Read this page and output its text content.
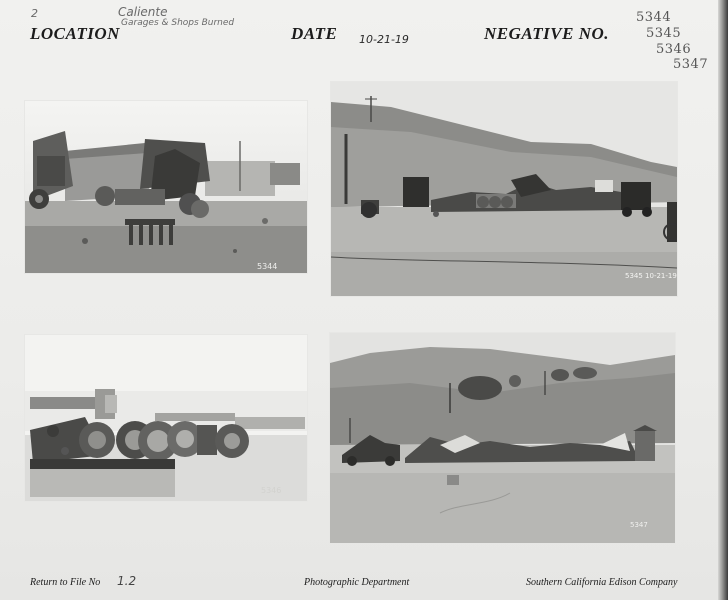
2
LOCATION
Caliente
Garages & Shops Burned
DATE 10-21-19	NEGATIVE NO.
5344
5345
5346
5347
5344
5345 10-21-19
5346
5347
Return to File No 1.2	Photographic Department	Southern California Edison Company
